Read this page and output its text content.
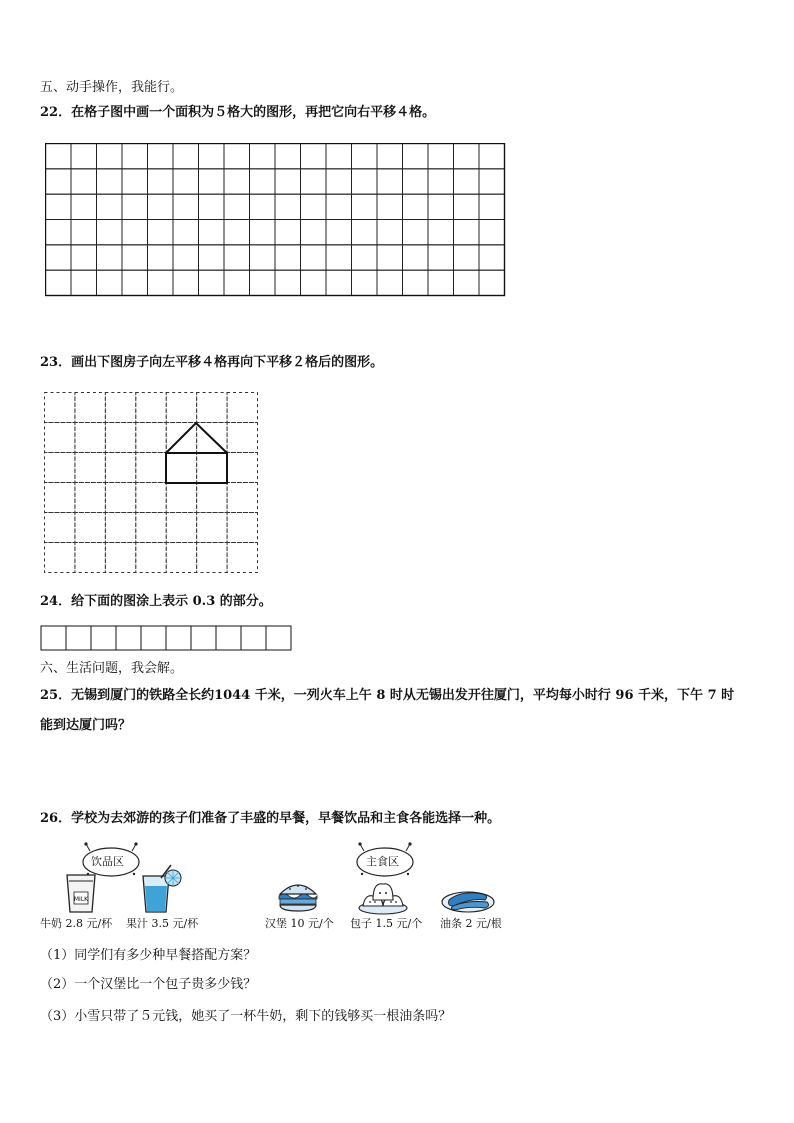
五、动手操作，我能行。
22．在格子图中画一个面积为５格大的图形，再把它向右平移４格。
23．画出下图房子向左平移４格再向下平移２格后的图形。
24．给下面的图涂上表示 0.3 的部分。
六、生活问题，我会解。
25．无锡到厦门的铁路全长约1044 千米，一列火车上午 8 时从无锡出发开往厦门，平均每小时行 96 千米，下午 7 时
能到达厦门吗？
26．学校为去郊游的孩子们准备了丰盛的早餐，早餐饮品和主食各能选择一种。
饮品区	主食区
MILK
牛奶 2.8 元/杯 果汁 3.5 元/杯	汉堡 10 元/个 包子 1.5 元/个 油条 2 元/根
（1）同学们有多少种早餐搭配方案？
（2）一个汉堡比一个包子贵多少钱？
（3）小雪只带了５元钱，她买了一杯牛奶，剩下的钱够买一根油条吗？
